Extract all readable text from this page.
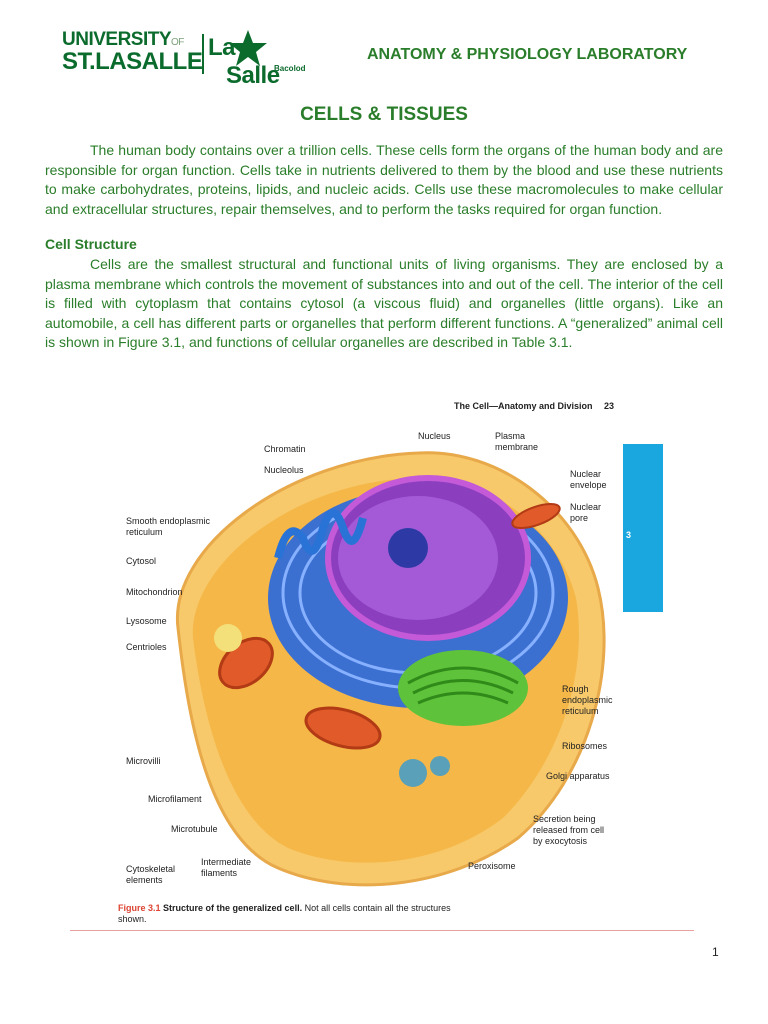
UNIVERSITYOF
ST.LASALLE
La
Salle
Bacolod
ANATOMY & PHYSIOLOGY LABORATORY
CELLS & TISSUES

The human body contains over a trillion cells. These cells form the organs of the human body and are responsible for organ function. Cells take in nutrients delivered to them by the blood and use these nutrients to make carbohydrates, proteins, lipids, and nucleic acids. Cells use these macromolecules to make cellular and extracellular structures, repair themselves, and to perform the tasks required for organ function.

Cell Structure

Cells are the smallest structural and functional units of living organisms. They are enclosed by a plasma membrane which controls the movement of substances into and out of the cell. The interior of the cell is filled with cytoplasm that contains cytosol (a viscous fluid) and organelles (little organs). Like an automobile, a cell has different parts or organelles that perform different functions. A “generalized” animal cell is shown in Figure 3.1, and functions of cellular organelles are described in Table 3.1.

The Cell—Anatomy and Division 23
3
Nucleus	Plasma
membrane
Chromatin
Nucleolus	Nuclear
envelope
Nuclear
pore
Smooth endoplasmic
reticulum
Cytosol
Mitochondrion
Lysosome
Centrioles
Rough
endoplasmic
reticulum
Ribosomes
Microvilli
Golgi apparatus
Microfilament
Secretion being
released from cell
by exocytosis
Microtubule
Cytoskeletal
elements
Intermediate
filaments
Peroxisome
Figure 3.1 Structure of the generalized cell. Not all cells contain all the structures shown.
1
